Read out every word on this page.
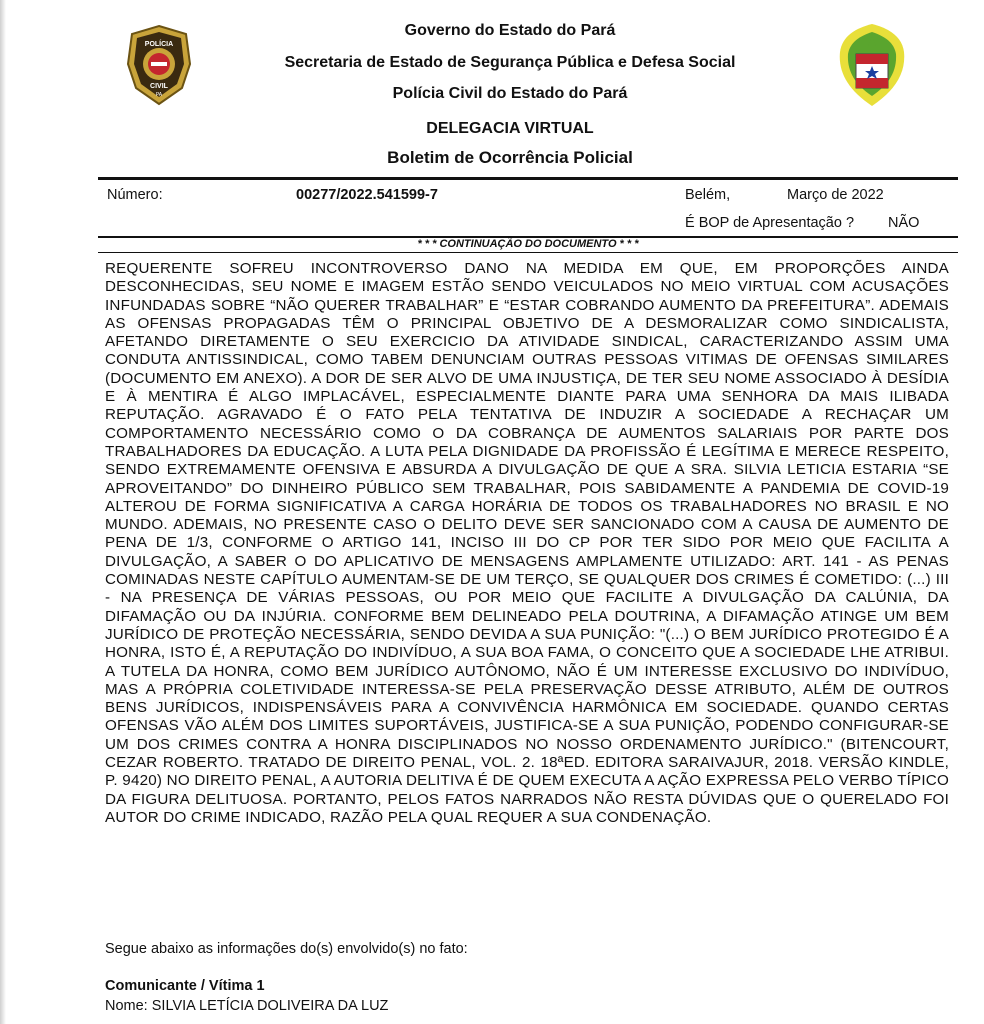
POLÍCIA
CIVIL
PA
Governo do Estado do Pará
Secretaria de Estado de Segurança Pública e Defesa Social
Polícia Civil do Estado do Pará
DELEGACIA VIRTUAL
Boletim de Ocorrência Policial
Número:	00277/2022.541599-7	Belém,	Março de 2022
É BOP de Apresentação ? NÃO
* * * CONTINUAÇÃO DO DOCUMENTO * * *
REQUERENTE SOFREU INCONTROVERSO DANO NA MEDIDA EM QUE, EM PROPORÇÕES AINDA DESCONHECIDAS, SEU NOME E IMAGEM ESTÃO SENDO VEICULADOS NO MEIO VIRTUAL COM ACUSAÇÕES INFUNDADAS SOBRE “NÃO QUERER TRABALHAR” E “ESTAR COBRANDO AUMENTO DA PREFEITURA”. ADEMAIS AS OFENSAS PROPAGADAS TÊM O PRINCIPAL OBJETIVO DE A DESMORALIZAR COMO SINDICALISTA, AFETANDO DIRETAMENTE O SEU EXERCICIO DA ATIVIDADE SINDICAL, CARACTERIZANDO ASSIM UMA CONDUTA ANTISSINDICAL, COMO TABEM DENUNCIAM OUTRAS PESSOAS VITIMAS DE OFENSAS SIMILARES (DOCUMENTO EM ANEXO). A DOR DE SER ALVO DE UMA INJUSTIÇA, DE TER SEU NOME ASSOCIADO À DESÍDIA E À MENTIRA É ALGO IMPLACÁVEL, ESPECIALMENTE DIANTE PARA UMA SENHORA DA MAIS ILIBADA REPUTAÇÃO. AGRAVADO É O FATO PELA TENTATIVA DE INDUZIR A SOCIEDADE A RECHAÇAR UM COMPORTAMENTO NECESSÁRIO COMO O DA COBRANÇA DE AUMENTOS SALARIAIS POR PARTE DOS TRABALHADORES DA EDUCAÇÃO. A LUTA PELA DIGNIDADE DA PROFISSÃO É LEGÍTIMA E MERECE RESPEITO, SENDO EXTREMAMENTE OFENSIVA E ABSURDA A DIVULGAÇÃO DE QUE A SRA. SILVIA LETICIA ESTARIA “SE APROVEITANDO” DO DINHEIRO PÚBLICO SEM TRABALHAR, POIS SABIDAMENTE A PANDEMIA DE COVID-19 ALTEROU DE FORMA SIGNIFICATIVA A CARGA HORÁRIA DE TODOS OS TRABALHADORES NO BRASIL E NO MUNDO. ADEMAIS, NO PRESENTE CASO O DELITO DEVE SER SANCIONADO COM A CAUSA DE AUMENTO DE PENA DE 1/3, CONFORME O ARTIGO 141, INCISO III DO CP POR TER SIDO POR MEIO QUE FACILITA A DIVULGAÇÃO, A SABER O DO APLICATIVO DE MENSAGENS AMPLAMENTE UTILIZADO: ART. 141 - AS PENAS COMINADAS NESTE CAPÍTULO AUMENTAM-SE DE UM TERÇO, SE QUALQUER DOS CRIMES É COMETIDO: (...) III - NA PRESENÇA DE VÁRIAS PESSOAS, OU POR MEIO QUE FACILITE A DIVULGAÇÃO DA CALÚNIA, DA DIFAMAÇÃO OU DA INJÚRIA. CONFORME BEM DELINEADO PELA DOUTRINA, A DIFAMAÇÃO ATINGE UM BEM JURÍDICO DE PROTEÇÃO NECESSÁRIA, SENDO DEVIDA A SUA PUNIÇÃO: "(...) O BEM JURÍDICO PROTEGIDO É A HONRA, ISTO É, A REPUTAÇÃO DO INDIVÍDUO, A SUA BOA FAMA, O CONCEITO QUE A SOCIEDADE LHE ATRIBUI. A TUTELA DA HONRA, COMO BEM JURÍDICO AUTÔNOMO, NÃO É UM INTERESSE EXCLUSIVO DO INDIVÍDUO, MAS A PRÓPRIA COLETIVIDADE INTERESSA-SE PELA PRESERVAÇÃO DESSE ATRIBUTO, ALÉM DE OUTROS BENS JURÍDICOS, INDISPENSÁVEIS PARA A CONVIVÊNCIA HARMÔNICA EM SOCIEDADE. QUANDO CERTAS OFENSAS VÃO ALÉM DOS LIMITES SUPORTÁVEIS, JUSTIFICA-SE A SUA PUNIÇÃO, PODENDO CONFIGURAR-SE UM DOS CRIMES CONTRA A HONRA DISCIPLINADOS NO NOSSO ORDENAMENTO JURÍDICO." (BITENCOURT, CEZAR ROBERTO. TRATADO DE DIREITO PENAL, VOL. 2. 18ªED. EDITORA SARAIVAJUR, 2018. VERSÃO KINDLE, P. 9420) NO DIREITO PENAL, A AUTORIA DELITIVA É DE QUEM EXECUTA A AÇÃO EXPRESSA PELO VERBO TÍPICO DA FIGURA DELITUOSA. PORTANTO, PELOS FATOS NARRADOS NÃO RESTA DÚVIDAS QUE O QUERELADO FOI AUTOR DO CRIME INDICADO, RAZÃO PELA QUAL REQUER A SUA CONDENAÇÃO.
Segue abaixo as informações do(s) envolvido(s) no fato:
Comunicante / Vítima 1
Nome: SILVIA LETÍCIA DOLIVEIRA DA LUZ
